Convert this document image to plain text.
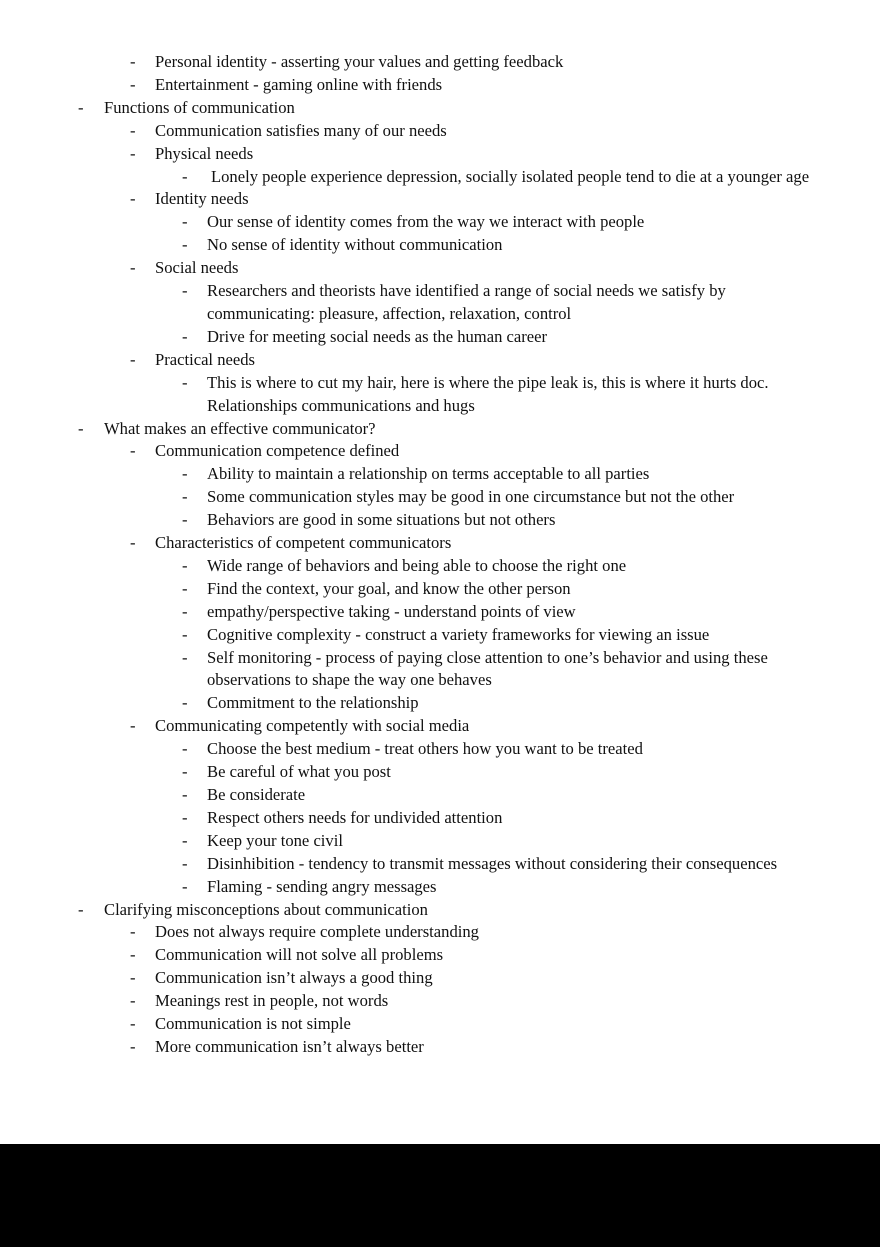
- Personal identity - asserting your values and getting feedback
- Entertainment - gaming online with friends
- Functions of communication
- Communication satisfies many of our needs
- Physical needs
- Lonely people experience depression, socially isolated people tend to die at a younger age
- Identity needs
- Our sense of identity comes from the way we interact with people
- No sense of identity without communication
- Social needs
- Researchers and theorists have identified a range of social needs we satisfy by communicating: pleasure, affection, relaxation, control
- Drive for meeting social needs as the human career
- Practical needs
- This is where to cut my hair, here is where the pipe leak is, this is where it hurts doc. Relationships communications and hugs
- What makes an effective communicator?
- Communication competence defined
- Ability to maintain a relationship on terms acceptable to all parties
- Some communication styles may be good in one circumstance but not the other
- Behaviors are good in some situations but not others
- Characteristics of competent communicators
- Wide range of behaviors and being able to choose the right one
- Find the context, your goal, and know the other person
- empathy/perspective taking - understand points of view
- Cognitive complexity - construct a variety frameworks for viewing an issue
- Self monitoring - process of paying close attention to one’s behavior and using these observations to shape the way one behaves
- Commitment to the relationship
- Communicating competently with social media
- Choose the best medium - treat others how you want to be treated
- Be careful of what you post
- Be considerate
- Respect others needs for undivided attention
- Keep your tone civil
- Disinhibition - tendency to transmit messages without considering their consequences
- Flaming - sending angry messages
- Clarifying misconceptions about communication
- Does not always require complete understanding
- Communication will not solve all problems
- Communication isn’t always a good thing
- Meanings rest in people, not words
- Communication is not simple
- More communication isn’t always better
